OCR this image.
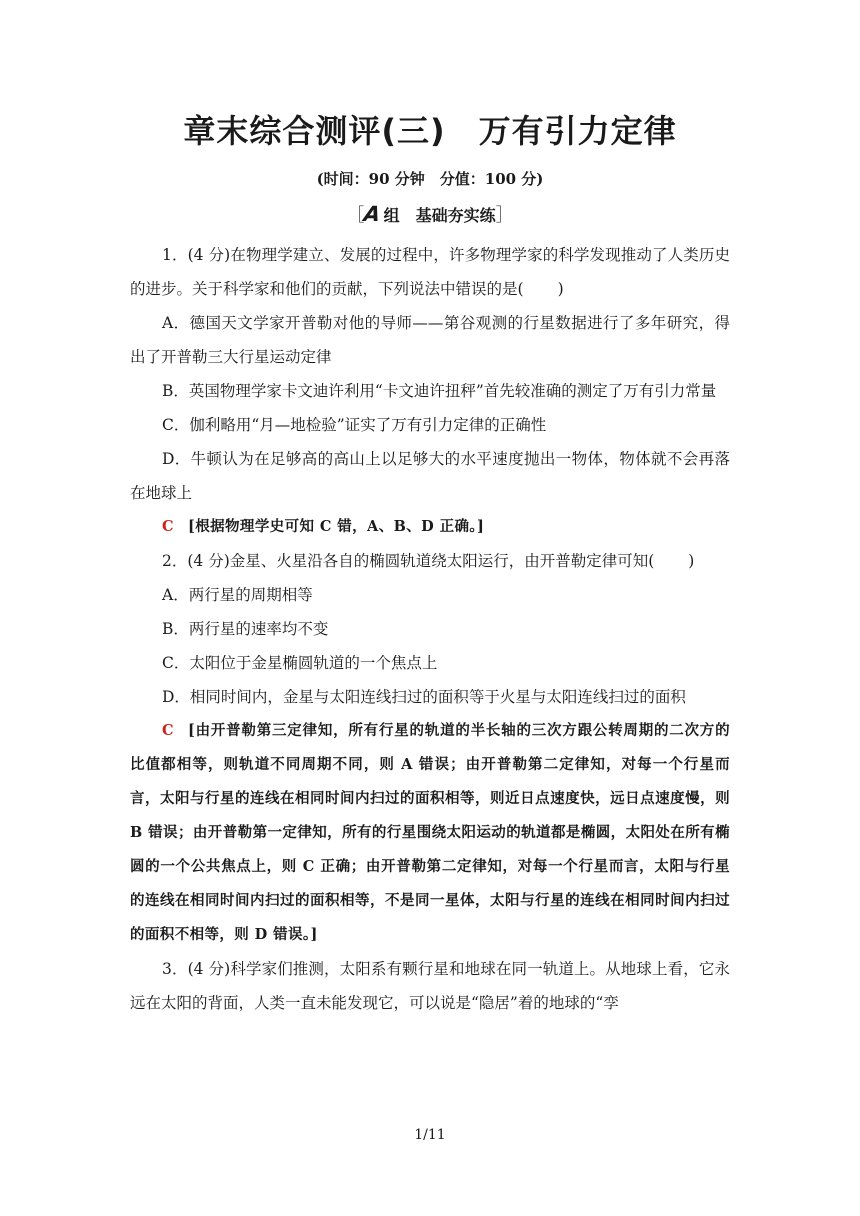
章末综合测评(三)　万有引力定律
(时间：90 分钟　分值：100 分)
［A组　基础夯实练］

1．(4 分)在物理学建立、发展的过程中，许多物理学家的科学发现推动了人类历史的进步。关于科学家和他们的贡献，下列说法中错误的是( )

A．德国天文学家开普勒对他的导师——第谷观测的行星数据进行了多年研究，得出了开普勒三大行星运动定律

B．英国物理学家卡文迪许利用“卡文迪许扭秤”首先较准确的测定了万有引力常量

C．伽利略用“月—地检验”证实了万有引力定律的正确性

D．牛顿认为在足够高的高山上以足够大的水平速度抛出一物体，物体就不会再落在地球上

C [根据物理学史可知 C 错，A、B、D 正确。]

2．(4 分)金星、火星沿各自的椭圆轨道绕太阳运行，由开普勒定律可知( )

A．两行星的周期相等

B．两行星的速率均不变

C．太阳位于金星椭圆轨道的一个焦点上

D．相同时间内，金星与太阳连线扫过的面积等于火星与太阳连线扫过的面积

C [由开普勒第三定律知，所有行星的轨道的半长轴的三次方跟公转周期的二次方的比值都相等，则轨道不同周期不同，则 A 错误；由开普勒第二定律知，对每一个行星而言，太阳与行星的连线在相同时间内扫过的面积相等，则近日点速度快，远日点速度慢，则 B 错误；由开普勒第一定律知，所有的行星围绕太阳运动的轨道都是椭圆，太阳处在所有椭圆的一个公共焦点上，则 C 正确；由开普勒第二定律知，对每一个行星而言，太阳与行星的连线在相同时间内扫过的面积相等，不是同一星体，太阳与行星的连线在相同时间内扫过的面积不相等，则 D 错误。]

3．(4 分)科学家们推测，太阳系有颗行星和地球在同一轨道上。从地球上看，它永远在太阳的背面，人类一直未能发现它，可以说是“隐居”着的地球的“孪

1/11
